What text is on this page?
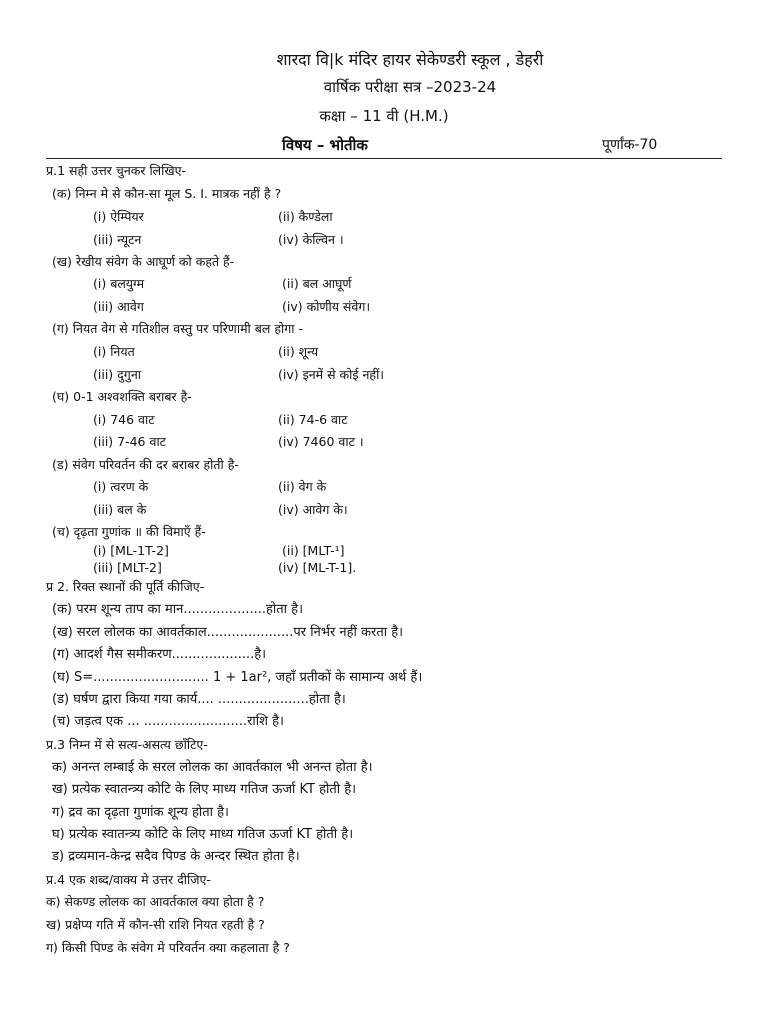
शारदा वि|k मंदिर हायर सेकेण्डरी स्कूल , डेहरी
वार्षिक परीक्षा सत्र –2023-24
कक्षा – 11 वी (H.M.)
विषय – भोतीक	पूर्णांक-70
प्र.1 सही उत्तर चुनकर लिखिए-
(क) निम्न मे से कौन-सा मूल S. I. मात्रक नहीं है ?
(i) ऐम्पियर	(ii) कैण्डेला
(iii) न्यूटन	(iv) केल्विन ।
(ख) रेखीय संवेग के आघूर्ण को कहते हैं-
(i) बलयुग्म	(ii) बल आघूर्ण
(iii) आवेग	(iv) कोणीय संवेग।
(ग) नियत वेग से गतिशील वस्तु पर परिणामी बल होगा -
(i) नियत	(ii) शून्य
(iii) दुगुना	(iv) इनमें से कोई नहीं।
(घ) 0-1 अश्वशक्ति बराबर है-
(i) 746 वाट	(ii) 74-6 वाट
(iii) 7-46 वाट	(iv) 7460 वाट ।
(ड) संवेग परिवर्तन की दर बराबर होती है-
(i) त्वरण के	(ii) वेग के
(iii) बल के	(iv) आवेग के।
(च) दृढ़ता गुणांक ॥ की विमाएँ हैं-
(i) [ML-1T-2]	(ii) [MLT-¹]
(iii) [MLT-2]	(iv) [ML-T-1].
प्र 2. रिक्त स्थानों की पूर्ति कीजिए-
(क) परम शून्य ताप का मान....................होता है।
(ख) सरल लोलक का आवर्तकाल.....................पर निर्भर नहीं करता है।
(ग) आदर्श गैस समीकरण....................है।
(घ) S=............................ 1 + 1ar², जहाँ प्रतीकों के सामान्य अर्थ हैं।
(ड) घर्षण द्वारा किया गया कार्य.... ......................होता है।
(च) जड़त्व एक ... .........................राशि है।
प्र.3 निम्न में से सत्य-असत्य छाँटिए-
क) अनन्त लम्बाई के सरल लोलक का आवर्तकाल भी अनन्त होता है।
ख) प्रत्येक स्वातन्त्र्य कोटि के लिए माध्य गतिज ऊर्जा KT होती है।
ग) द्रव का दृढ़ता गुणांक शून्य होता है।
घ) प्रत्येक स्वातन्त्र्य कोटि के लिए माध्य गतिज ऊर्जा KT होती है।
ड) द्रव्यमान-केन्द्र सदैव पिण्ड के अन्दर स्थित होता है।
प्र.4 एक शब्द/वाक्य मे उत्तर दीजिए-
क) सेकण्ड लोलक का आवर्तकाल क्या होता है ?
ख) प्रक्षेप्य गति में कौन-सी राशि नियत रहती है ?
ग) किसी पिण्ड के संवेग मे परिवर्तन क्या कहलाता है ?
